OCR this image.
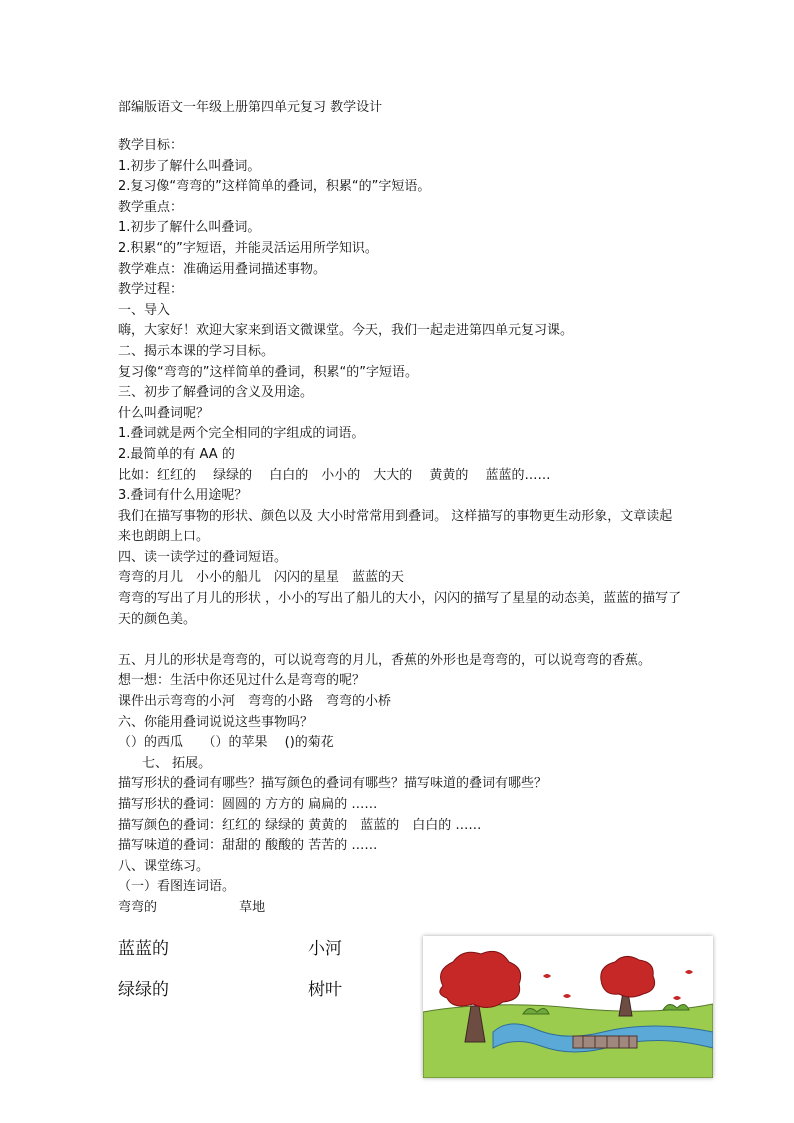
部编版语文一年级上册第四单元复习 教学设计
教学目标：
1.初步了解什么叫叠词。
2.复习像“弯弯的”这样简单的叠词，积累“的”字短语。
教学重点：
1.初步了解什么叫叠词。
2.积累“的”字短语，并能灵活运用所学知识。
教学难点：准确运用叠词描述事物。
教学过程：
一、导入
嗨，大家好！欢迎大家来到语文微课堂。今天，我们一起走进第四单元复习课。
二、揭示本课的学习目标。
复习像“弯弯的”这样简单的叠词，积累“的”字短语。
三、初步了解叠词的含义及用途。
什么叫叠词呢？
1.叠词就是两个完全相同的字组成的词语。
2.最简单的有 AA 的
比如：红红的　 绿绿的　 白白的　小小的　大大的　 黄黄的　 蓝蓝的……
3.叠词有什么用途呢？
我们在描写事物的形状、颜色以及 大小时常常用到叠词。 这样描写的事物更生动形象，文章读起来也朗朗上口。
四、读一读学过的叠词短语。
弯弯的月儿　小小的船儿　闪闪的星星　蓝蓝的天
弯弯的写出了月儿的形状 ，小小的写出了船儿的大小，闪闪的描写了星星的动态美，蓝蓝的描写了天的颜色美。
五、月儿的形状是弯弯的，可以说弯弯的月儿，香蕉的外形也是弯弯的，可以说弯弯的香蕉。
想一想：生活中你还见过什么是弯弯的呢？
课件出示弯弯的小河　弯弯的小路　弯弯的小桥
六、你能用叠词说说这些事物吗？
（）的西瓜　　（）的苹果　 ()的菊花
七、 拓展。
描写形状的叠词有哪些？描写颜色的叠词有哪些？描写味道的叠词有哪些？
描写形状的叠词：圆圆的 方方的 扁扁的 ……
描写颜色的叠词：红红的 绿绿的 黄黄的　蓝蓝的　白白的 ……
描写味道的叠词：甜甜的 酸酸的 苦苦的 ……
八、课堂练习。
（一）看图连词语。
弯弯的　　　　　　 草地
蓝蓝的	小河
绿绿的	树叶
